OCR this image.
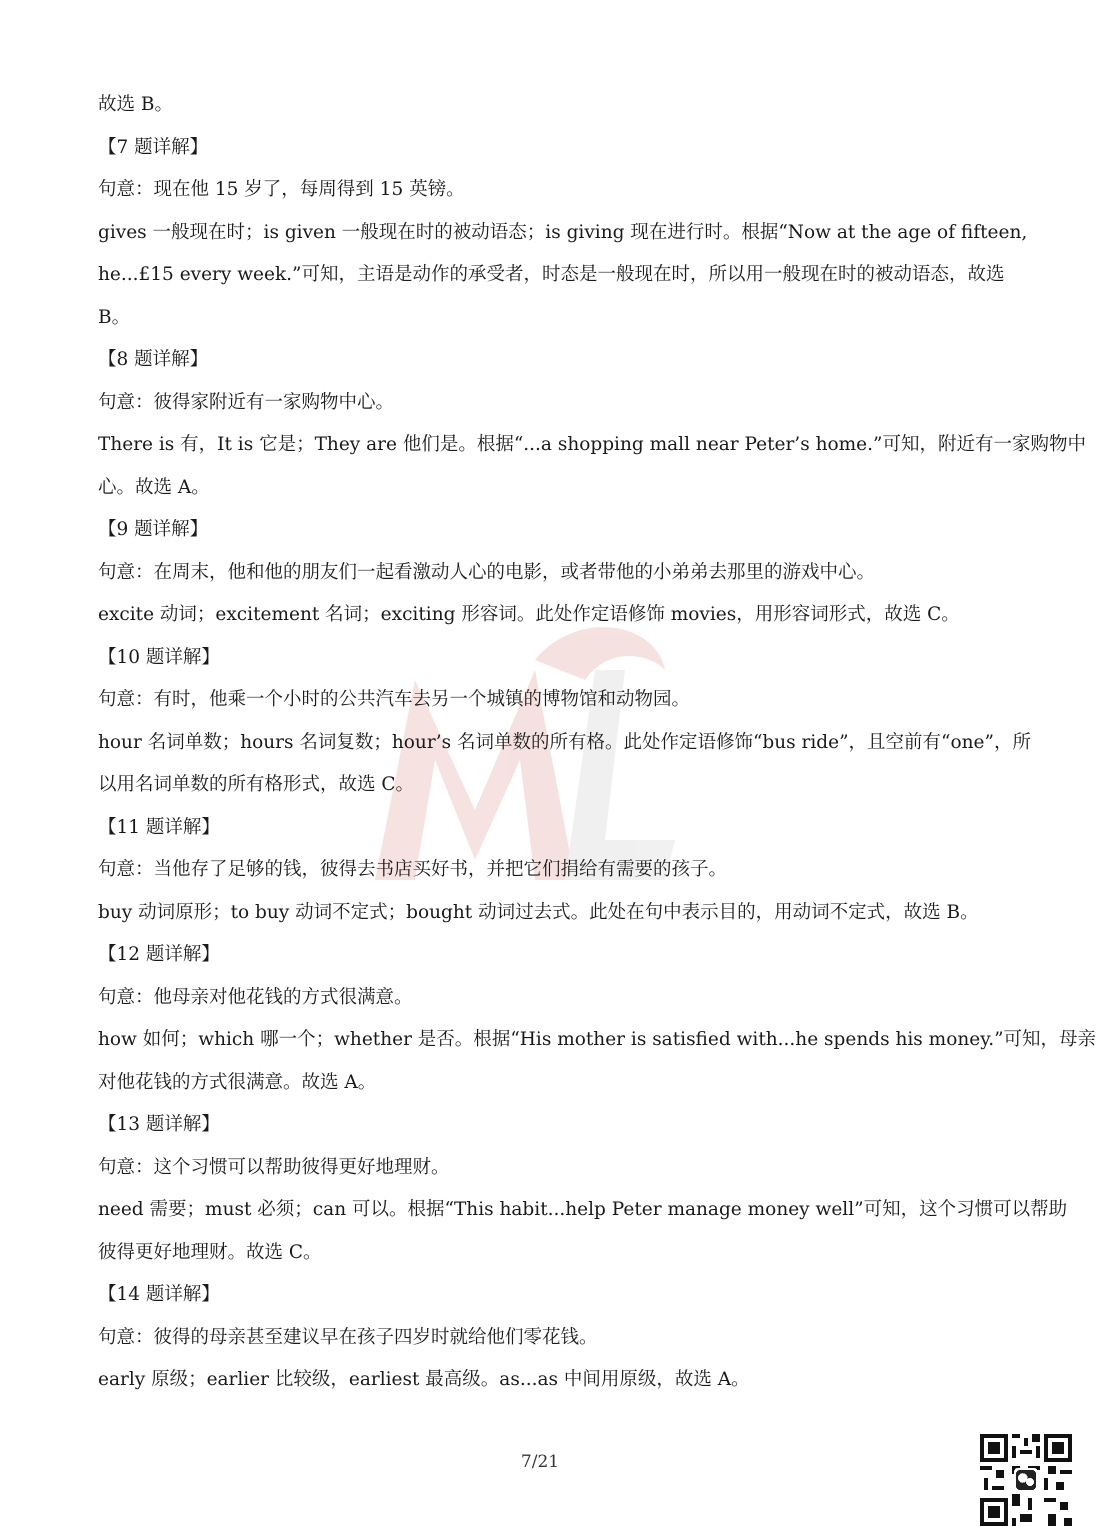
故选 B。
【7 题详解】
句意：现在他 15 岁了，每周得到 15 英镑。
gives 一般现在时；is given 一般现在时的被动语态；is giving 现在进行时。根据“Now at the age of fifteen,
he...£15 every week.”可知，主语是动作的承受者，时态是一般现在时，所以用一般现在时的被动语态，故选
B。
【8 题详解】
句意：彼得家附近有一家购物中心。
There is 有，It is 它是；They are 他们是。根据“...a shopping mall near Peter’s home.”可知，附近有一家购物中
心。故选 A。
【9 题详解】
句意：在周末，他和他的朋友们一起看激动人心的电影，或者带他的小弟弟去那里的游戏中心。
excite 动词；excitement 名词；exciting 形容词。此处作定语修饰 movies，用形容词形式，故选 C。
【10 题详解】
句意：有时，他乘一个小时的公共汽车去另一个城镇的博物馆和动物园。
hour 名词单数；hours 名词复数；hour’s 名词单数的所有格。此处作定语修饰“bus ride”，且空前有“one”，所
以用名词单数的所有格形式，故选 C。
【11 题详解】
句意：当他存了足够的钱，彼得去书店买好书，并把它们捐给有需要的孩子。
buy 动词原形；to buy 动词不定式；bought 动词过去式。此处在句中表示目的，用动词不定式，故选 B。
【12 题详解】
句意：他母亲对他花钱的方式很满意。
how 如何；which 哪一个；whether 是否。根据“His mother is satisfied with...he spends his money.”可知，母亲
对他花钱的方式很满意。故选 A。
【13 题详解】
句意：这个习惯可以帮助彼得更好地理财。
need 需要；must 必须；can 可以。根据“This habit...help Peter manage money well”可知，这个习惯可以帮助
彼得更好地理财。故选 C。
【14 题详解】
句意：彼得的母亲甚至建议早在孩子四岁时就给他们零花钱。
early 原级；earlier 比较级，earliest 最高级。as...as 中间用原级，故选 A。
7/21
